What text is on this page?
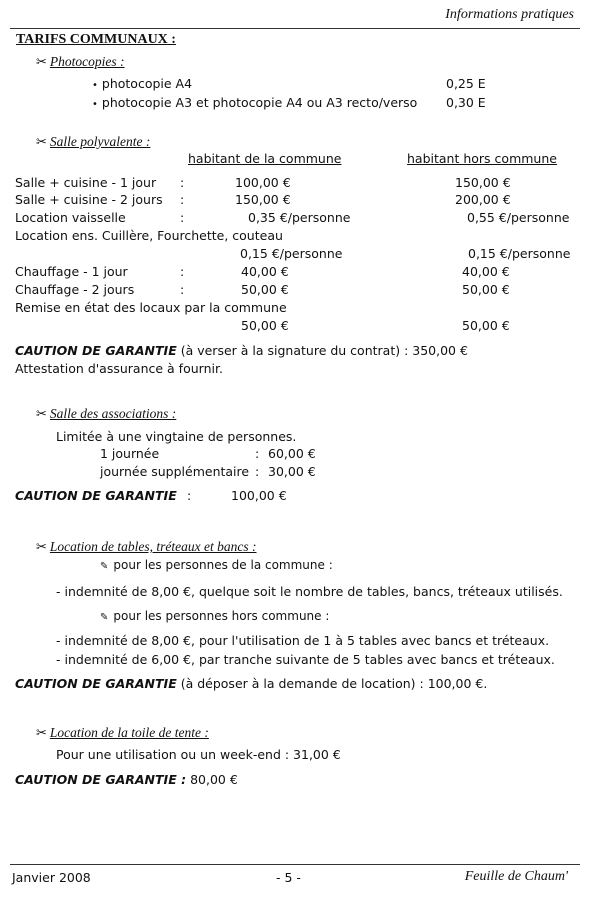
Informations pratiques
TARIFS COMMUNAUX :
✂ Photocopies :
• photocopie A4	0,25 E
• photocopie A3 et photocopie A4 ou A3 recto/verso 0,30 E
✂ Salle polyvalente :
habitant de la commune	habitant hors commune
Salle + cuisine - 1 jour :	100,00 €	150,00 €
Salle + cuisine - 2 jours :	150,00 €	200,00 €
Location vaisselle	:	0,35 €/personne	0,55 €/personne
Location ens. Cuillère, Fourchette, couteau
0,15 €/personne	0,15 €/personne
Chauffage - 1 jour	:	40,00 €	40,00 €
Chauffage - 2 jours	:	50,00 €	50,00 €
Remise en état des locaux par la commune
50,00 €	50,00 €
CAUTION DE GARANTIE (à verser à la signature du contrat) : 350,00 €
Attestation d'assurance à fournir.
✂ Salle des associations :
Limitée à une vingtaine de personnes.
1 journée	: 60,00 €
journée supplémentaire : 30,00 €
CAUTION DE GARANTIE :	100,00 €
✂ Location de tables, tréteaux et bancs :
✎ pour les personnes de la commune :
- indemnité de 8,00 €, quelque soit le nombre de tables, bancs, tréteaux utilisés.
✎ pour les personnes hors commune :
- indemnité de 8,00 €, pour l'utilisation de 1 à 5 tables avec bancs et tréteaux.
- indemnité de 6,00 €, par tranche suivante de 5 tables avec bancs et tréteaux.
CAUTION DE GARANTIE (à déposer à la demande de location) : 100,00 €.
✂ Location de la toile de tente :
Pour une utilisation ou un week-end : 31,00 €
CAUTION DE GARANTIE : 80,00 €
Janvier 2008	- 5 -	Feuille de Chaum'
